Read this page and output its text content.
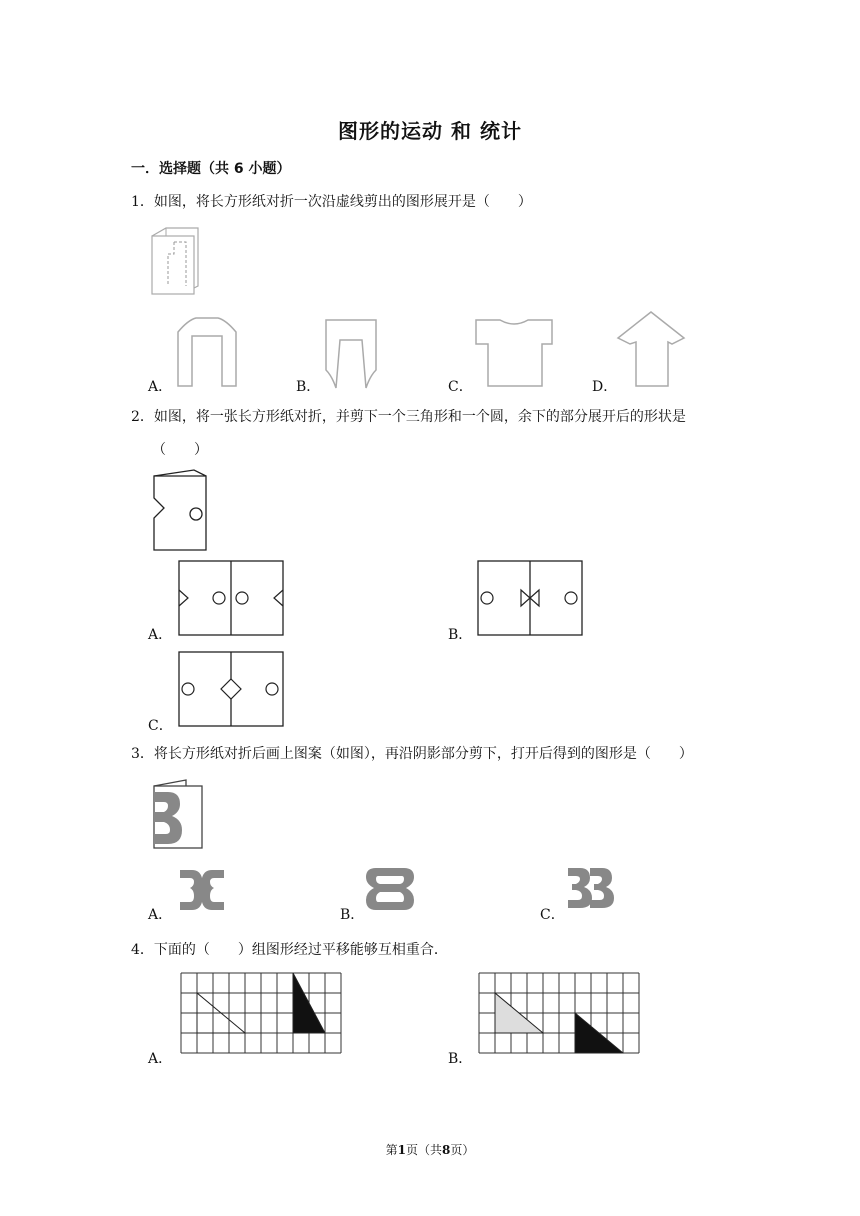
图形的运动 和 统计
一．选择题（共 6 小题）
1．如图，将长方形纸对折一次沿虚线剪出的图形展开是（　　）
A．	B．	C．	D．
2．如图，将一张长方形纸对折，并剪下一个三角形和一个圆，余下的部分展开后的形状是
（　　）
A．	B．
C．
3．将长方形纸对折后画上图案（如图），再沿阴影部分剪下，打开后得到的图形是（　　）
A．	B．	C．
4．下面的（　　）组图形经过平移能够互相重合．
A．	B．
第1页（共8页）
